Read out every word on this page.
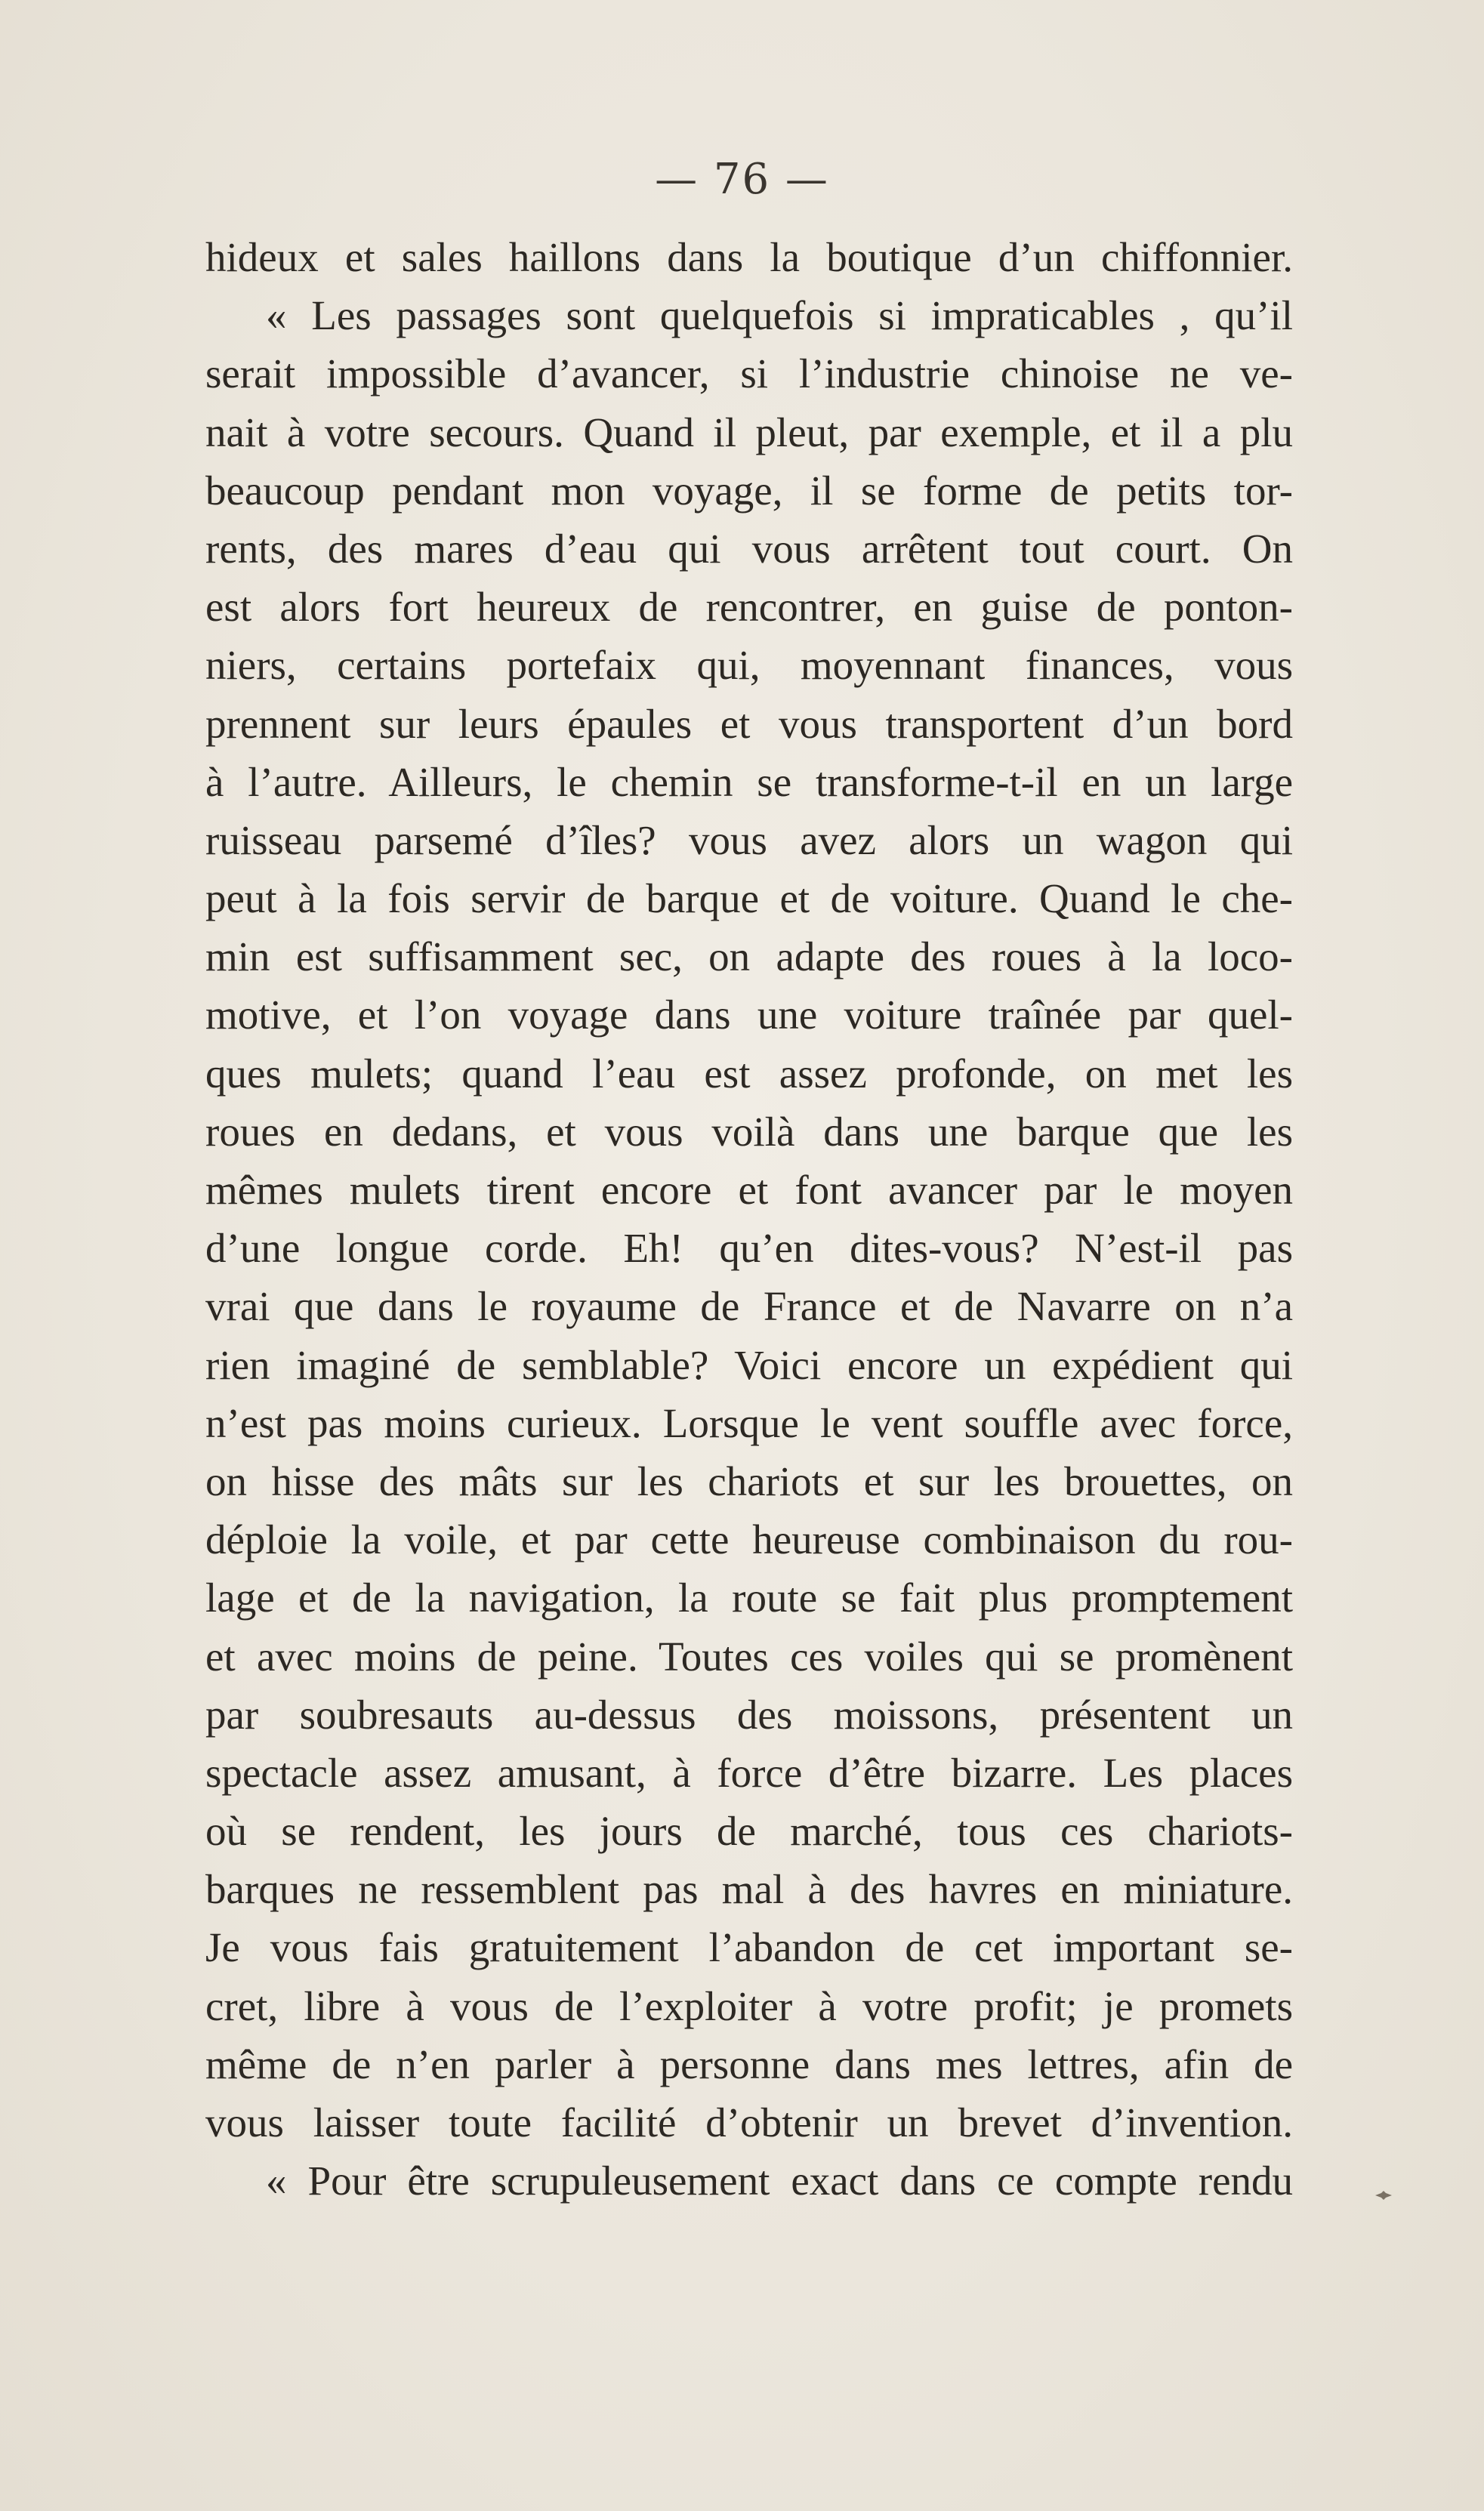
— 76 —
hideux et sales haillons dans la boutique d’un chiffonnier.
« Les passages sont quelquefois si impraticables , qu’il
serait impossible d’avancer, si l’industrie chinoise ne ve-
nait à votre secours. Quand il pleut, par exemple, et il a plu
beaucoup pendant mon voyage, il se forme de petits tor-
rents, des mares d’eau qui vous arrêtent tout court. On
est alors fort heureux de rencontrer, en guise de ponton-
niers, certains portefaix qui, moyennant finances, vous
prennent sur leurs épaules et vous transportent d’un bord
à l’autre. Ailleurs, le chemin se transforme-t-il en un large
ruisseau parsemé d’îles? vous avez alors un wagon qui
peut à la fois servir de barque et de voiture. Quand le che-
min est suffisamment sec, on adapte des roues à la loco-
motive, et l’on voyage dans une voiture traînée par quel-
ques mulets; quand l’eau est assez profonde, on met les
roues en dedans, et vous voilà dans une barque que les
mêmes mulets tirent encore et font avancer par le moyen
d’une longue corde. Eh! qu’en dites-vous? N’est-il pas
vrai que dans le royaume de France et de Navarre on n’a
rien imaginé de semblable? Voici encore un expédient qui
n’est pas moins curieux. Lorsque le vent souffle avec force,
on hisse des mâts sur les chariots et sur les brouettes, on
déploie la voile, et par cette heureuse combinaison du rou-
lage et de la navigation, la route se fait plus promptement
et avec moins de peine. Toutes ces voiles qui se promènent
par soubresauts au-dessus des moissons, présentent un
spectacle assez amusant, à force d’être bizarre. Les places
où se rendent, les jours de marché, tous ces chariots-
barques ne ressemblent pas mal à des havres en miniature.
Je vous fais gratuitement l’abandon de cet important se-
cret, libre à vous de l’exploiter à votre profit; je promets
même de n’en parler à personne dans mes lettres, afin de
vous laisser toute facilité d’obtenir un brevet d’invention.
« Pour être scrupuleusement exact dans ce compte rendu
